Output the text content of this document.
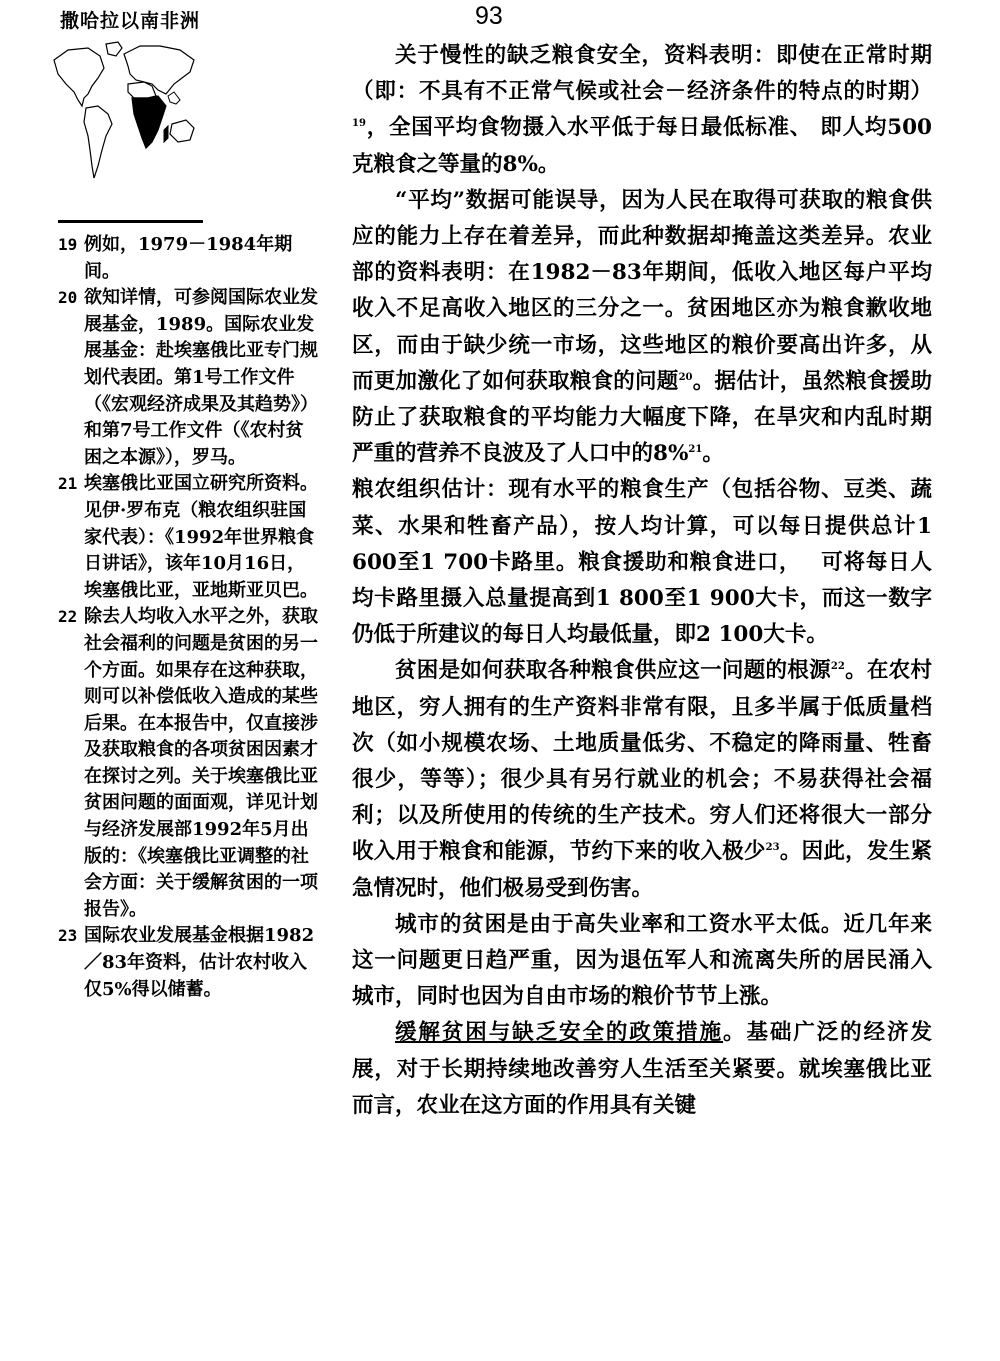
93
撒哈拉以南非洲
19 例如，1979－1984年期间。
20 欲知详情，可参阅国际农业发展基金，1989。国际农业发展基金：赴埃塞俄比亚专门规划代表团。第1号工作文件（《宏观经济成果及其趋势》）和第7号工作文件（《农村贫困之本源》），罗马。
21 埃塞俄比亚国立研究所资料。见伊·罗布克（粮农组织驻国家代表）：《1992年世界粮食日讲话》，该年10月16日，埃塞俄比亚，亚地斯亚贝巴。
22 除去人均收入水平之外，获取社会福利的问题是贫困的另一个方面。如果存在这种获取，则可以补偿低收入造成的某些后果。在本报告中，仅直接涉及获取粮食的各项贫困因素才在探讨之列。关于埃塞俄比亚贫困问题的面面观，详见计划与经济发展部1992年5月出版的：《埃塞俄比亚调整的社会方面：关于缓解贫困的一项报告》。
23 国际农业发展基金根据1982／83年资料，估计农村收入仅5%得以储蓄。

关于慢性的缺乏粮食安全，资料表明：即使在正常时期（即：不具有不正常气候或社会－经济条件的特点的时期）$^{19}$，全国平均食物摄入水平低于每日最低标准、 即人均500克粮食之等量的8%。

“平均”数据可能误导，因为人民在取得可获取的粮食供应的能力上存在着差异，而此种数据却掩盖这类差异。农业部的资料表明：在1982－83年期间，低收入地区每户平均收入不足高收入地区的三分之一。贫困地区亦为粮食歉收地区，而由于缺少统一市场，这些地区的粮价要高出许多，从而更加激化了如何获取粮食的问题$^{20}$。据估计，虽然粮食援助防止了获取粮食的平均能力大幅度下降，在旱灾和内乱时期严重的营养不良波及了人口中的8%$^{21}$。

粮农组织估计：现有水平的粮食生产（包括谷物、豆类、蔬菜、水果和牲畜产品），按人均计算，可以每日提供总计1 600至1 700卡路里。粮食援助和粮食进口，　 可将每日人均卡路里摄入总量提高到1 800至1 900大卡，而这一数字仍低于所建议的每日人均最低量，即2 100大卡。

贫困是如何获取各种粮食供应这一问题的根源$^{22}$。在农村地区，穷人拥有的生产资料非常有限，且多半属于低质量档次（如小规模农场、土地质量低劣、不稳定的降雨量、牲畜很少，等等）；很少具有另行就业的机会；不易获得社会福利；以及所使用的传统的生产技术。穷人们还将很大一部分收入用于粮食和能源，节约下来的收入极少$^{23}$。因此，发生紧急情况时，他们极易受到伤害。

城市的贫困是由于高失业率和工资水平太低。近几年来这一问题更日趋严重，因为退伍军人和流离失所的居民涌入城市，同时也因为自由市场的粮价节节上涨。

缓解贫困与缺乏安全的政策措施。基础广泛的经济发展，对于长期持续地改善穷人生活至关紧要。就埃塞俄比亚而言，农业在这方面的作用具有关键
